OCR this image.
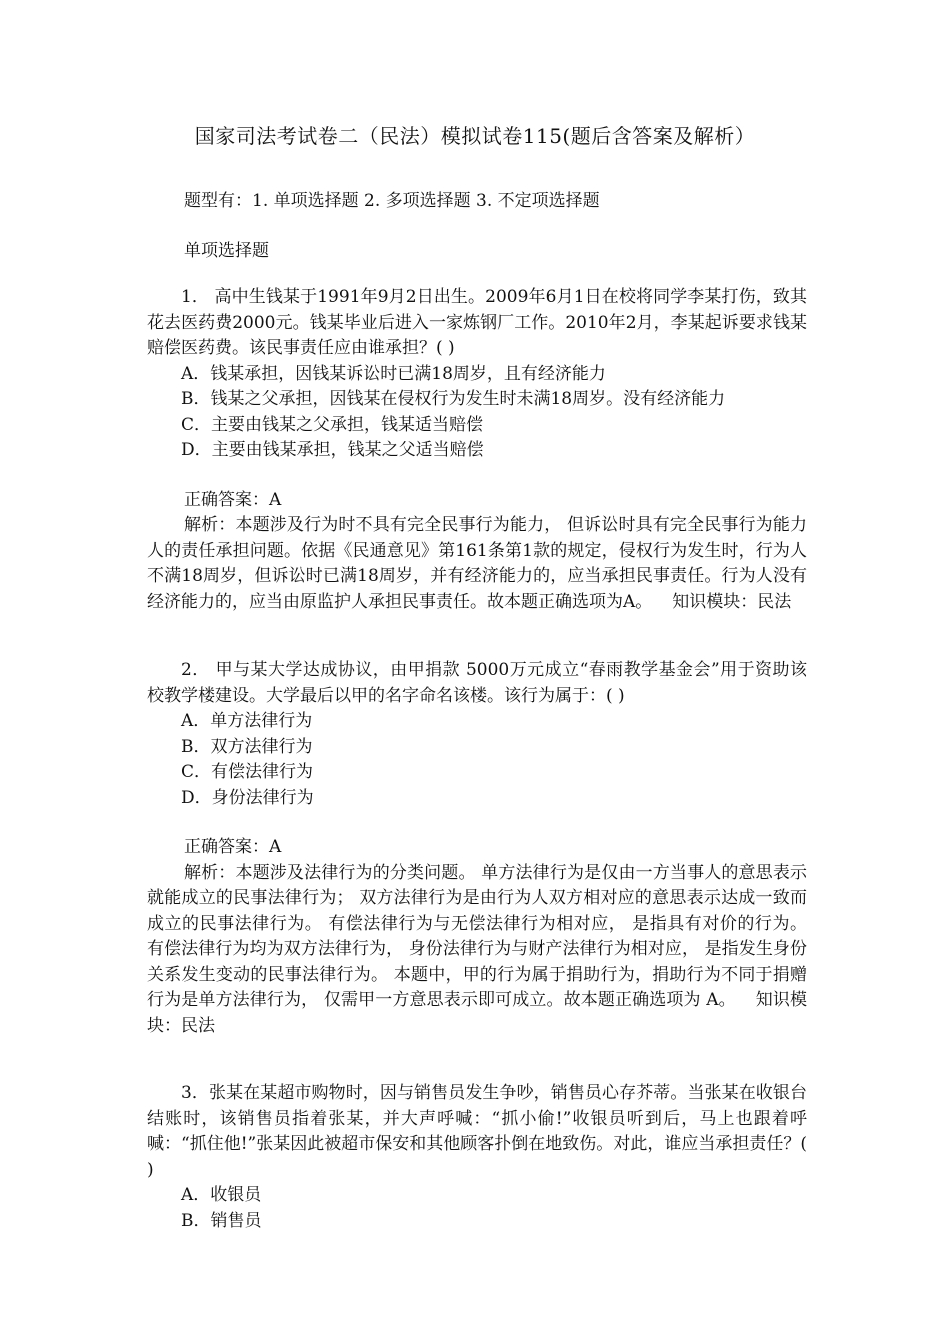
国家司法考试卷二（民法）模拟试卷115(题后含答案及解析）
题型有：1. 单项选择题 2. 多项选择题 3. 不定项选择题
单项选择题

1． 高中生钱某于1991年9月2日出生。2009年6月1日在校将同学李某打伤，致其花去医药费2000元。钱某毕业后进入一家炼钢厂工作。2010年2月，李某起诉要求钱某赔偿医药费。该民事责任应由谁承担？( )

A．钱某承担，因钱某诉讼时已满18周岁，且有经济能力

B．钱某之父承担，因钱某在侵权行为发生时未满18周岁。没有经济能力

C．主要由钱某之父承担，钱某适当赔偿

D．主要由钱某承担，钱某之父适当赔偿

正确答案：A

解析：本题涉及行为时不具有完全民事行为能力， 但诉讼时具有完全民事行为能力人的责任承担问题。依据《民通意见》第161条第1款的规定，侵权行为发生时，行为人不满18周岁，但诉讼时已满18周岁，并有经济能力的，应当承担民事责任。行为人没有经济能力的，应当由原监护人承担民事责任。故本题正确选项为A。 知识模块：民法

2． 甲与某大学达成协议，由甲捐款 5000万元成立“春雨教学基金会”用于资助该校教学楼建设。大学最后以甲的名字命名该楼。该行为属于：( )

A．单方法律行为

B．双方法律行为

C．有偿法律行为

D．身份法律行为

正确答案：A

解析：本题涉及法律行为的分类问题。 单方法律行为是仅由一方当事人的意思表示就能成立的民事法律行为； 双方法律行为是由行为人双方相对应的意思表示达成一致而成立的民事法律行为。 有偿法律行为与无偿法律行为相对应， 是指具有对价的行为。 有偿法律行为均为双方法律行为， 身份法律行为与财产法律行为相对应， 是指发生身份关系发生变动的民事法律行为。 本题中，甲的行为属于捐助行为，捐助行为不同于捐赠行为是单方法律行为， 仅需甲一方意思表示即可成立。故本题正确选项为 A。 知识模块：民法

3．张某在某超市购物时，因与销售员发生争吵，销售员心存芥蒂。当张某在收银台结账时，该销售员指着张某，并大声呼喊：“抓小偷!”收银员听到后，马上也跟着呼喊：“抓住他!”张某因此被超市保安和其他顾客扑倒在地致伤。对此，谁应当承担责任？( )

A．收银员

B．销售员
